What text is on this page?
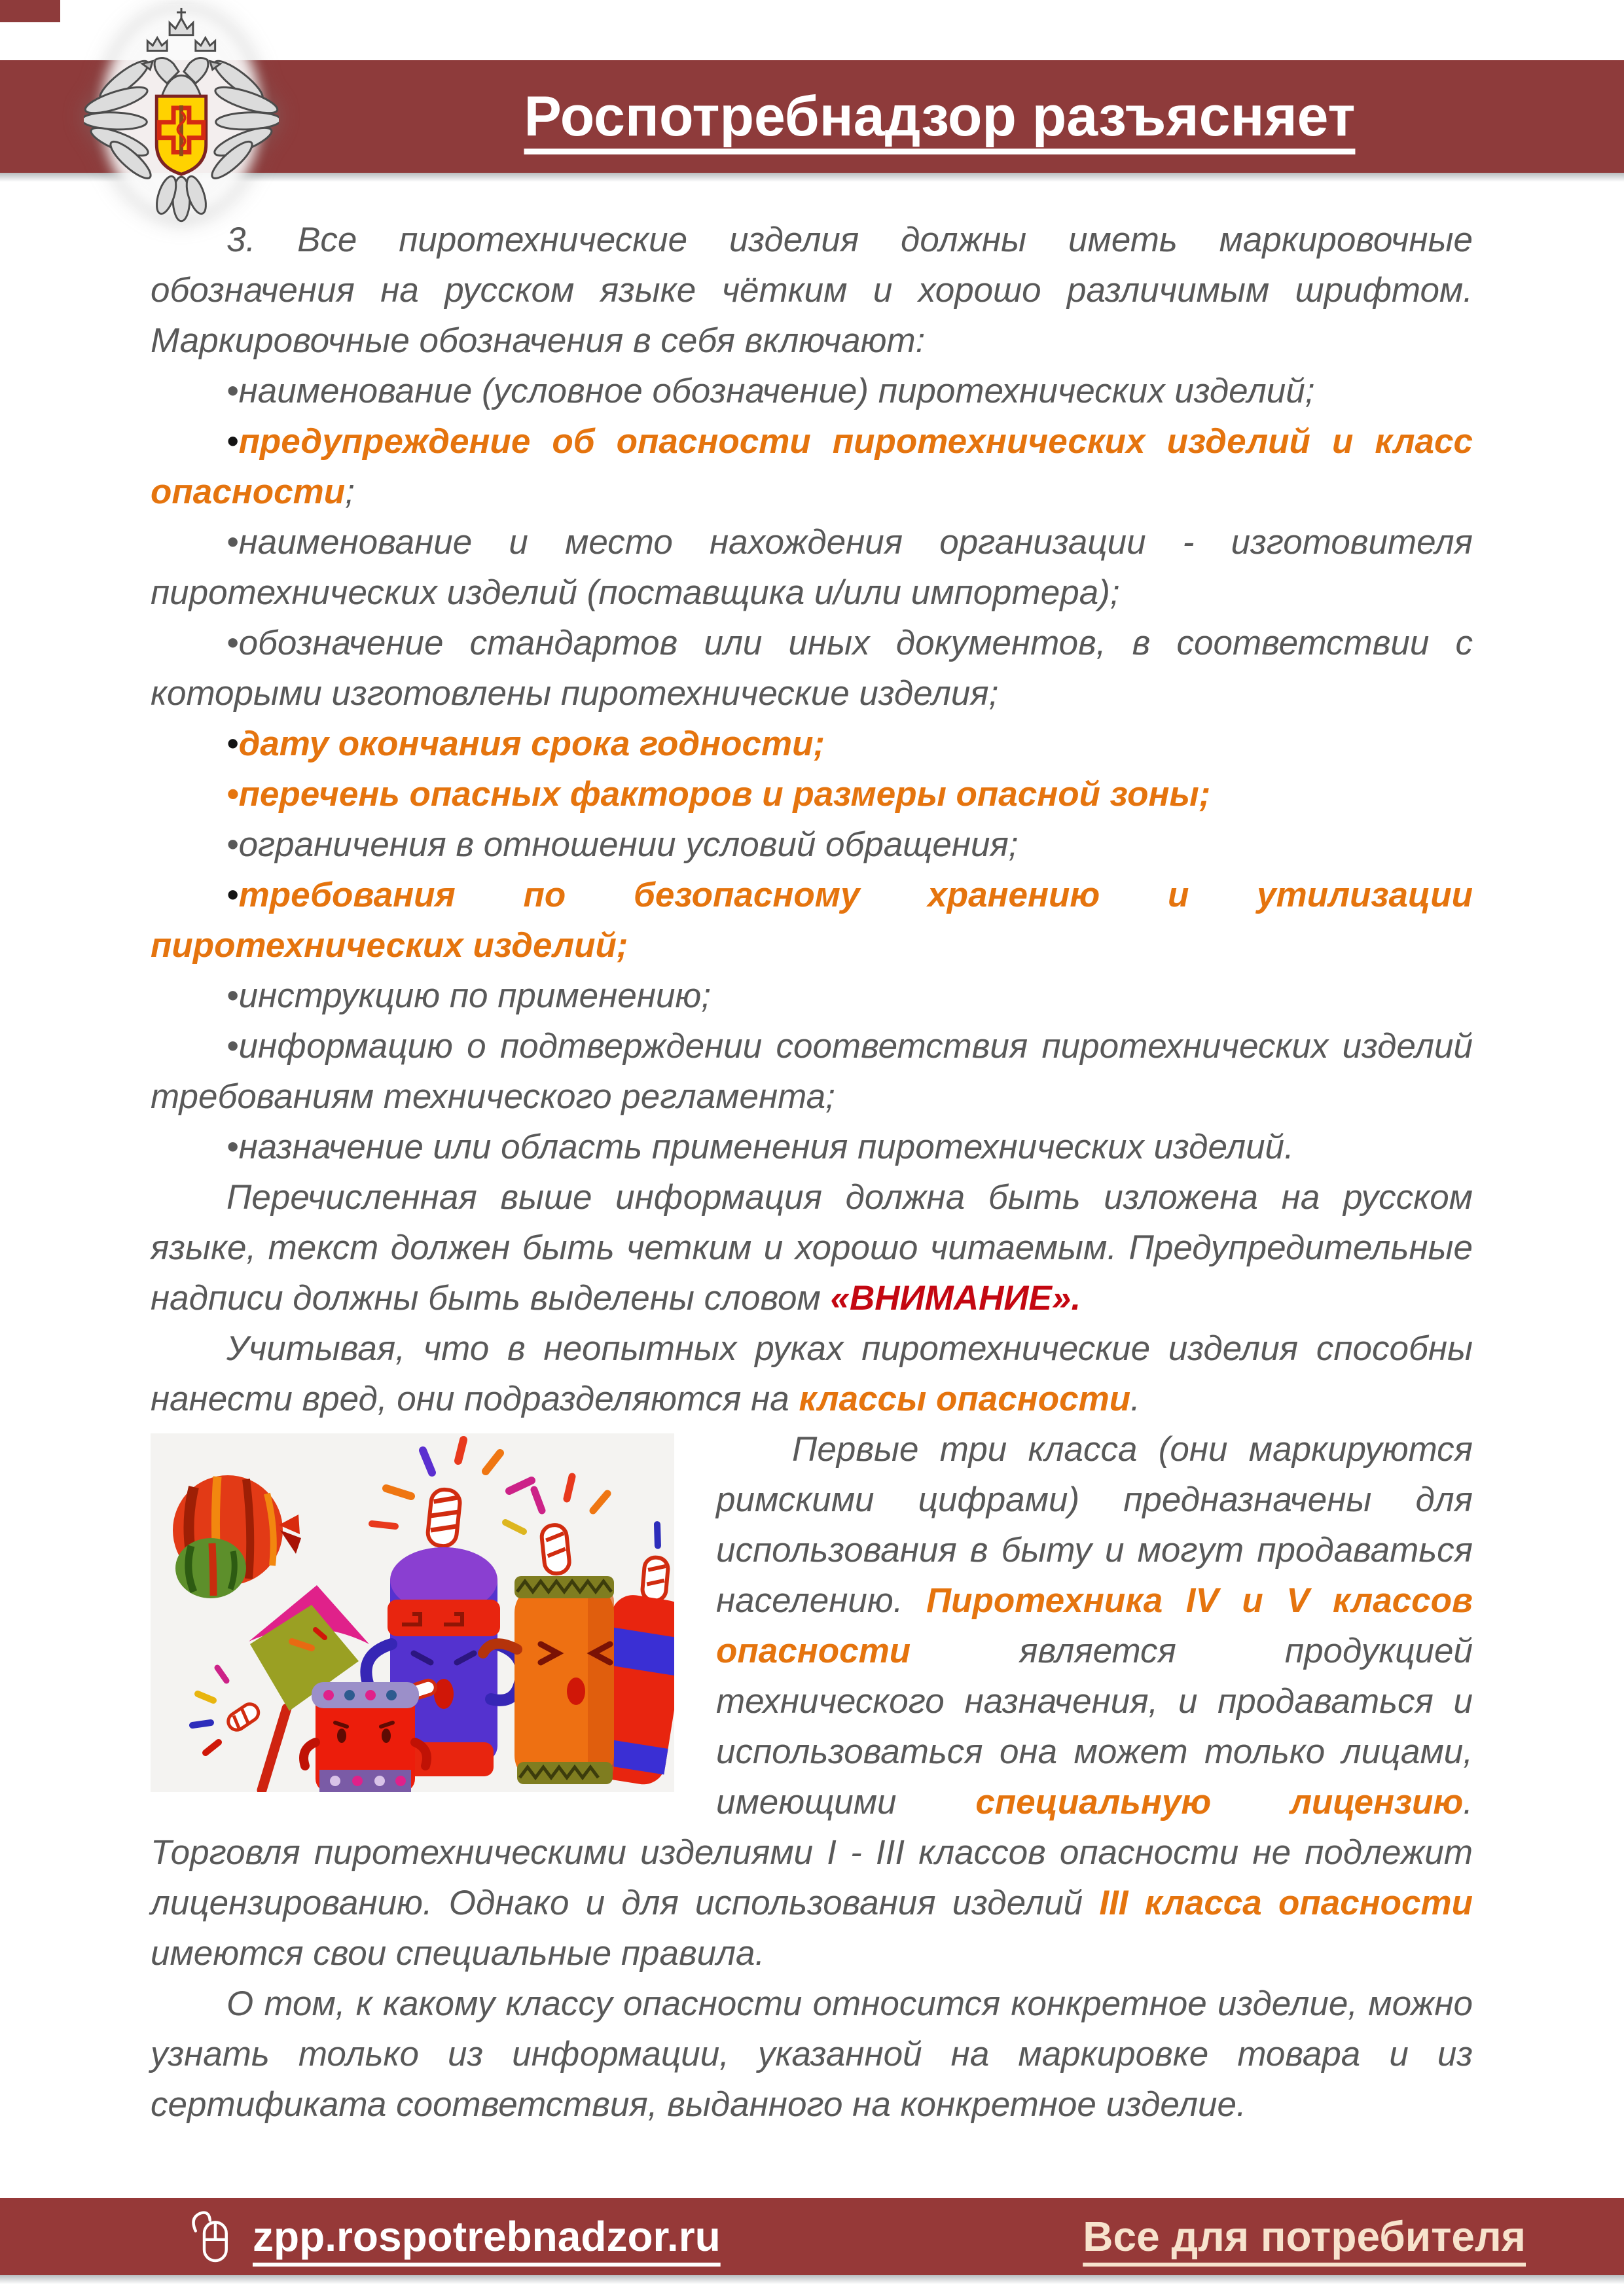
Роспотребнадзор разъясняет

3. Все пиротехнические изделия должны иметь маркировочные обозначения на русском языке чётким и хорошо различимым шрифтом. Маркировочные обозначения в себя включают:

•наименование (условное обозначение) пиротехнических изделий;

•предупреждение об опасности пиротехнических изделий и класс опасности;

•наименование и место нахождения организации - изготовителя пиротехнических изделий (поставщика и/или импортера);

•обозначение стандартов или иных документов, в соответствии с которыми изготовлены пиротехнические изделия;

•дату окончания срока годности;

•перечень опасных факторов и размеры опасной зоны;

•ограничения в отношении условий обращения;

•требования по безопасному хранению и утилизации пиротехнических изделий;

•инструкцию по применению;

•информацию о подтверждении соответствия пиротехнических изделий требованиям технического регламента;

•назначение или область применения пиротехнических изделий.

Перечисленная выше информация должна быть изложена на русском языке, текст должен быть четким и хорошо читаемым. Предупредительные надписи должны быть выделены словом «ВНИМАНИЕ».

Учитывая, что в неопытных руках пиротехнические изделия способны нанести вред, они подразделяются на классы опасности.

Первые три класса (они маркируются римскими цифрами) предназначены для использования в быту и могут продаваться населению. Пиротехника IV и V классов опасности является продукцией технического назначения, и продаваться и использоваться она может только лицами, имеющими специальную лицензию. Торговля пиротехническими изделиями I - III классов опасности не подлежит лицензированию. Однако и для использования изделий III класса опасности имеются свои специальные правила.

О том, к какому классу опасности относится конкретное изделие, можно узнать только из информации, указанной на маркировке товара и из сертификата соответствия, выданного на конкретное изделие.

zpp.rospotrebnadzor.ru	Все для потребителя
